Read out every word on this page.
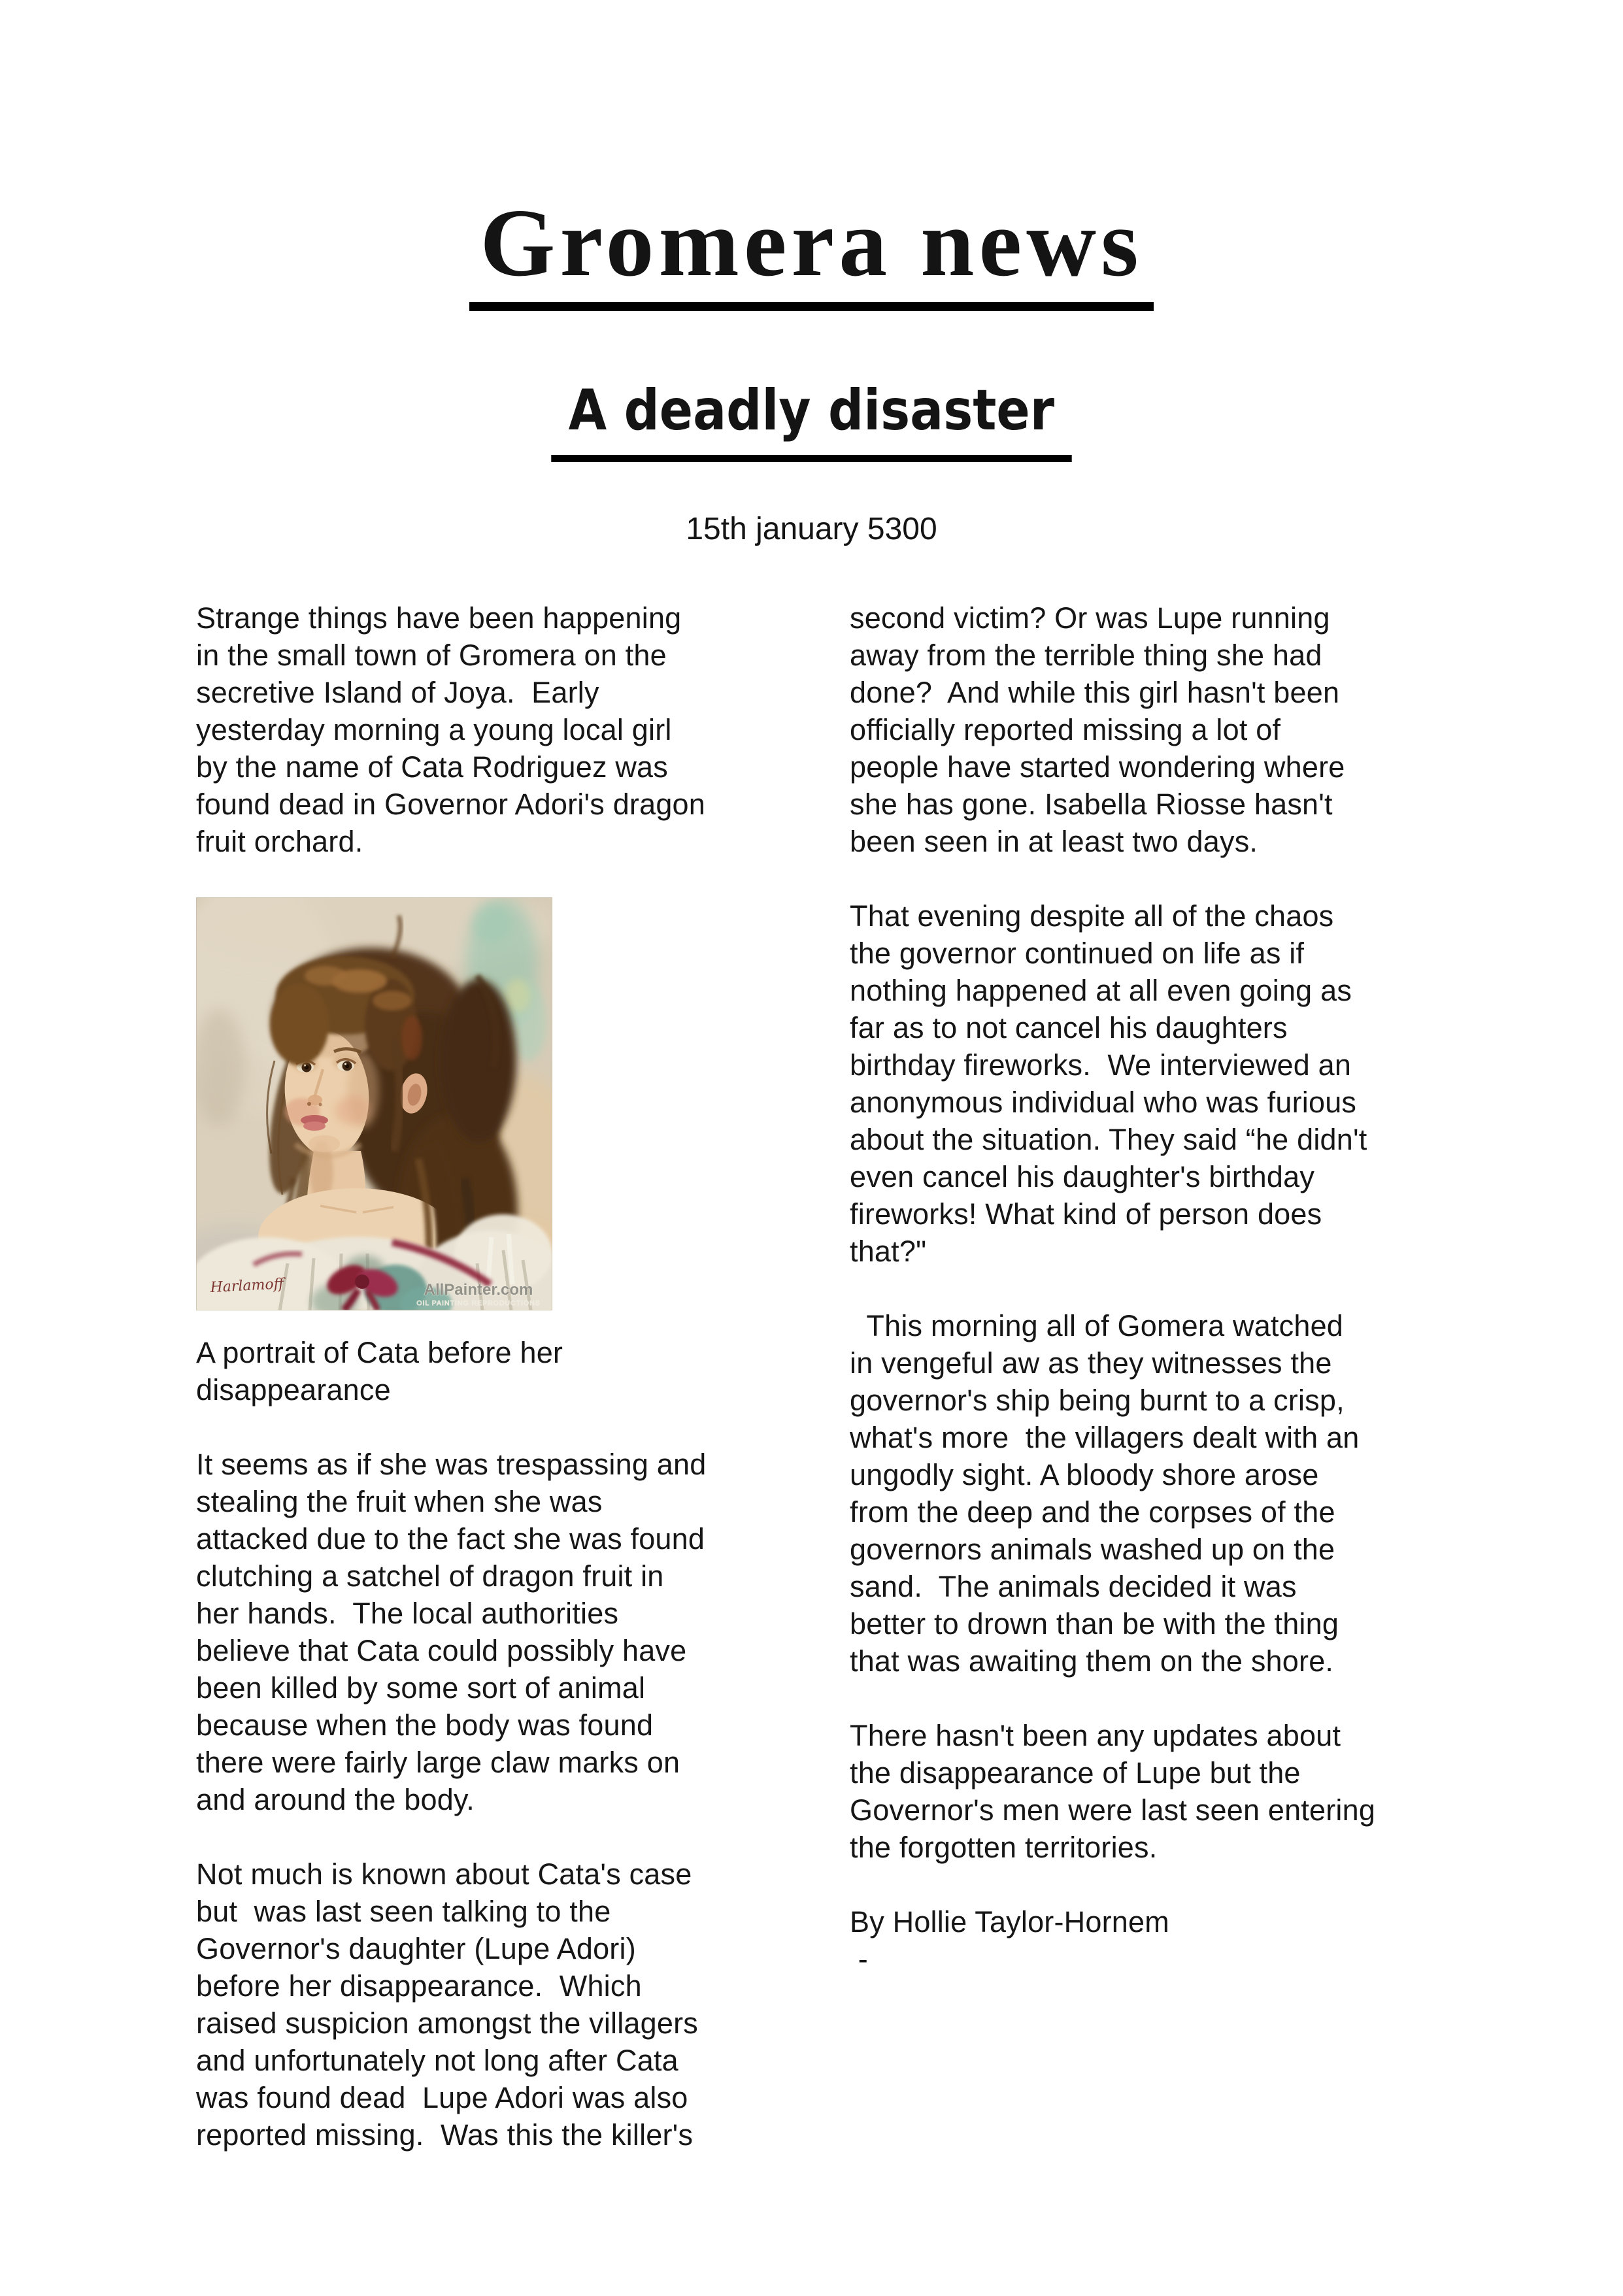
Gromera news
A deadly disaster
15th january 5300
Strange things have been happening
in the small town of Gromera on the
secretive Island of Joya.  Early
yesterday morning a young local girl
by the name of Cata Rodriguez was
found dead in Governor Adori's dragon
fruit orchard.
Harlamoff	AllPainter.com
OIL PAINTING REPRODUCTIONS
A portrait of Cata before her
disappearance
It seems as if she was trespassing and
stealing the fruit when she was
attacked due to the fact she was found
clutching a satchel of dragon fruit in
her hands.  The local authorities
believe that Cata could possibly have
been killed by some sort of animal
because when the body was found
there were fairly large claw marks on
and around the body.
Not much is known about Cata's case
but  was last seen talking to the
Governor's daughter (Lupe Adori)
before her disappearance.  Which
raised suspicion amongst the villagers
and unfortunately not long after Cata
was found dead  Lupe Adori was also
reported missing.  Was this the killer's
second victim? Or was Lupe running
away from the terrible thing she had
done?  And while this girl hasn't been
officially reported missing a lot of
people have started wondering where
she has gone. Isabella Riosse hasn't
been seen in at least two days.
That evening despite all of the chaos
the governor continued on life as if
nothing happened at all even going as
far as to not cancel his daughters
birthday fireworks.  We interviewed an
anonymous individual who was furious
about the situation. They said “he didn't
even cancel his daughter's birthday
fireworks! What kind of person does
that?"
This morning all of Gomera watched
in vengeful aw as they witnesses the
governor's ship being burnt to a crisp,
what's more  the villagers dealt with an
ungodly sight. A bloody shore arose
from the deep and the corpses of the
governors animals washed up on the
sand.  The animals decided it was
better to drown than be with the thing
that was awaiting them on the shore.
There hasn't been any updates about
the disappearance of Lupe but the
Governor's men were last seen entering
the forgotten territories.
By Hollie Taylor-Hornem
-
